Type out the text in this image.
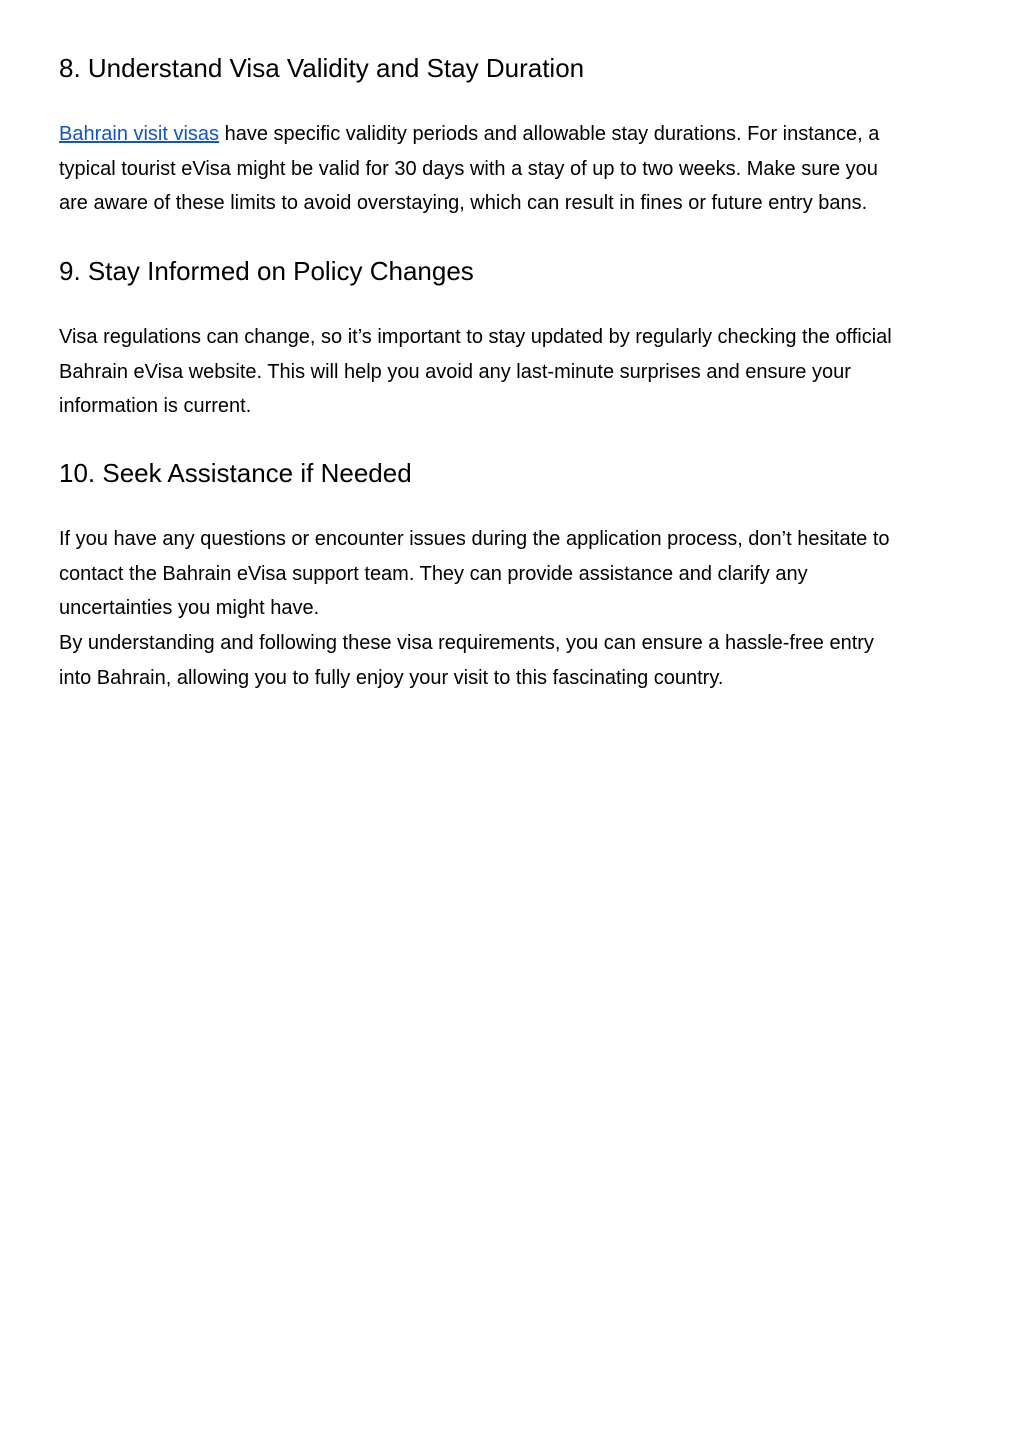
8. Understand Visa Validity and Stay Duration

Bahrain visit visas have specific validity periods and allowable stay durations. For instance, a
typical tourist eVisa might be valid for 30 days with a stay of up to two weeks. Make sure you
are aware of these limits to avoid overstaying, which can result in fines or future entry bans.

9. Stay Informed on Policy Changes

Visa regulations can change, so it’s important to stay updated by regularly checking the official
Bahrain eVisa website. This will help you avoid any last-minute surprises and ensure your
information is current.

10. Seek Assistance if Needed

If you have any questions or encounter issues during the application process, don’t hesitate to
contact the Bahrain eVisa support team. They can provide assistance and clarify any
uncertainties you might have.
By understanding and following these visa requirements, you can ensure a hassle-free entry
into Bahrain, allowing you to fully enjoy your visit to this fascinating country.
